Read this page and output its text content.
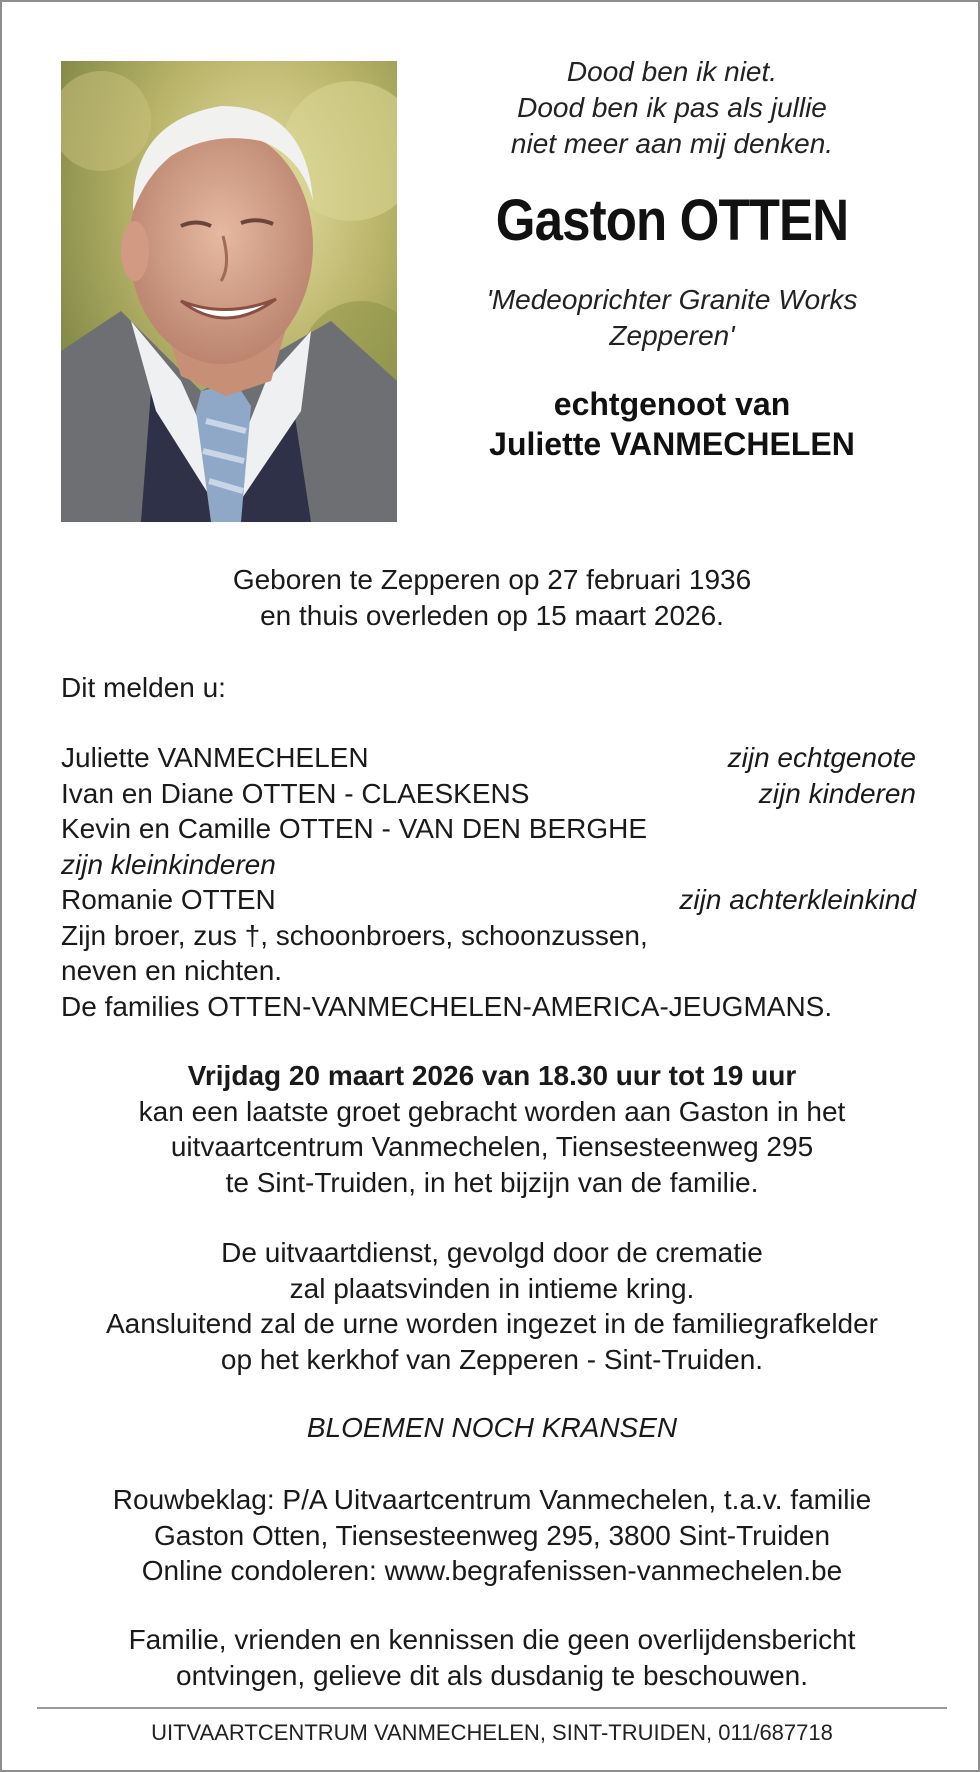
Dood ben ik niet.
Dood ben ik pas als jullie
niet meer aan mij denken.
Gaston OTTEN
'Medeoprichter Granite Works
Zepperen'
echtgenoot van
Juliette VANMECHELEN
Geboren te Zepperen op 27 februari 1936
en thuis overleden op 15 maart 2026.
Dit melden u:
Juliette VANMECHELEN	zijn echtgenote
Ivan en Diane OTTEN - CLAESKENS	zijn kinderen
Kevin en Camille OTTEN - VAN DEN BERGHE
zijn kleinkinderen
Romanie OTTEN	zijn achterkleinkind
Zijn broer, zus †, schoonbroers, schoonzussen,
neven en nichten.
De families OTTEN-VANMECHELEN-AMERICA-JEUGMANS.
Vrijdag 20 maart 2026 van 18.30 uur tot 19 uur
kan een laatste groet gebracht worden aan Gaston in het
uitvaartcentrum Vanmechelen, Tiensesteenweg 295
te Sint-Truiden, in het bijzijn van de familie.
De uitvaartdienst, gevolgd door de crematie
zal plaatsvinden in intieme kring.
Aansluitend zal de urne worden ingezet in de familiegrafkelder
op het kerkhof van Zepperen - Sint-Truiden.
BLOEMEN NOCH KRANSEN
Rouwbeklag: P/A Uitvaartcentrum Vanmechelen, t.a.v. familie
Gaston Otten, Tiensesteenweg 295, 3800 Sint-Truiden
Online condoleren: www.begrafenissen-vanmechelen.be
Familie, vrienden en kennissen die geen overlijdensbericht
ontvingen, gelieve dit als dusdanig te beschouwen.
UITVAARTCENTRUM VANMECHELEN, SINT-TRUIDEN, 011/687718
